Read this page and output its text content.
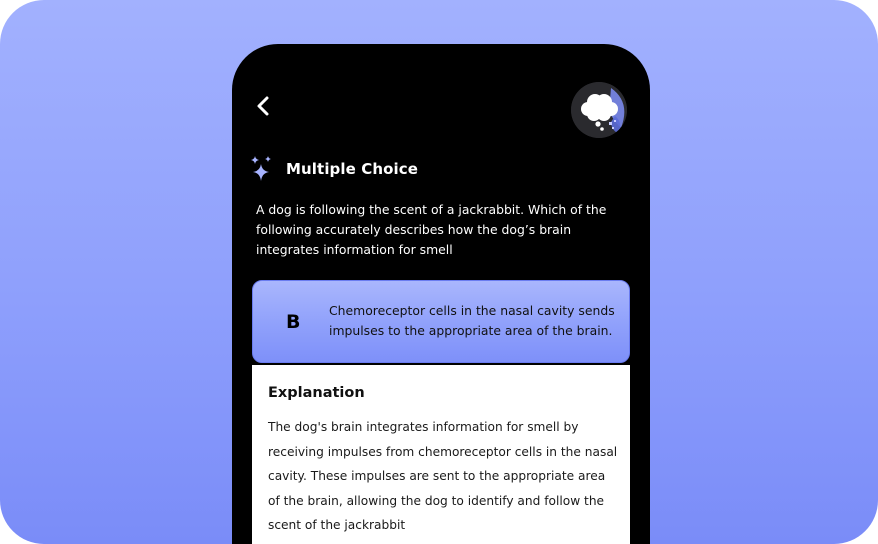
Multiple Choice
A dog is following the scent of a jackrabbit. Which of the following accurately describes how the dog’s brain integrates information for smell
B
Chemoreceptor cells in the nasal cavity sends impulses to the appropriate area of the brain.
Explanation
The dog's brain integrates information for smell by receiving impulses from chemoreceptor cells in the nasal cavity. These impulses are sent to the appropriate area of the brain, allowing the dog to identify and follow the scent of the jackrabbit
